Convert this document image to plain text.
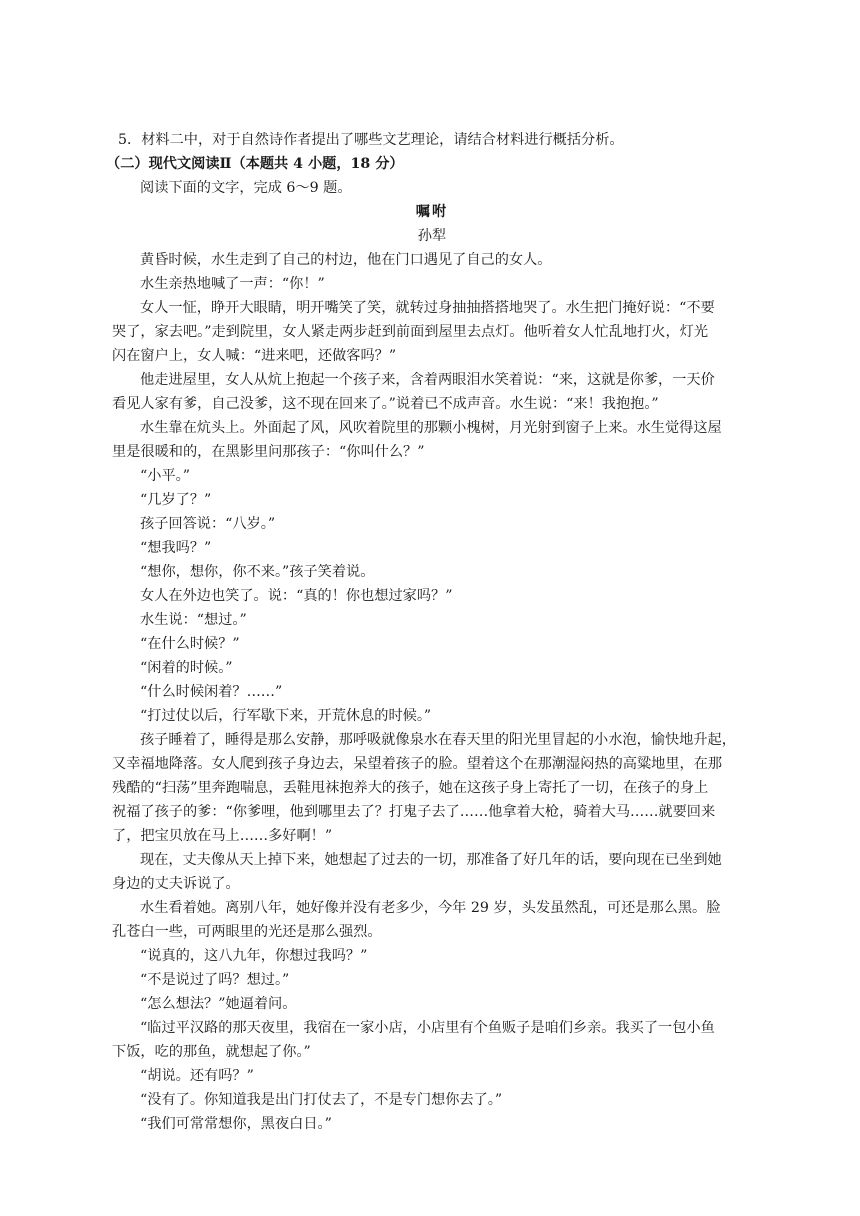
5．材料二中，对于自然诗作者提出了哪些文艺理论，请结合材料进行概括分析。
（二）现代文阅读Ⅱ（本题共 4 小题，18 分）
阅读下面的文字，完成 6～9 题。
嘱咐
孙犁
黄昏时候，水生走到了自己的村边，他在门口遇见了自己的女人。
水生亲热地喊了一声：“你！”
女人一怔，睁开大眼睛，明开嘴笑了笑，就转过身抽抽搭搭地哭了。水生把门掩好说：“不要
哭了，家去吧。”走到院里，女人紧走两步赶到前面到屋里去点灯。他听着女人忙乱地打火，灯光
闪在窗户上，女人喊：“进来吧，还做客吗？”
他走进屋里，女人从炕上抱起一个孩子来，含着两眼泪水笑着说：“来，这就是你爹，一天价
看见人家有爹，自己没爹，这不现在回来了。”说着已不成声音。水生说：“来！我抱抱。”
水生靠在炕头上。外面起了风，风吹着院里的那颗小槐树，月光射到窗子上来。水生觉得这屋
里是很暖和的，在黑影里问那孩子：“你叫什么？”
“小平。”
“几岁了？”
孩子回答说：“八岁。”
“想我吗？”
“想你，想你，你不来。”孩子笑着说。
女人在外边也笑了。说：“真的！你也想过家吗？”
水生说：“想过。”
“在什么时候？”
“闲着的时候。”
“什么时候闲着？……”
“打过仗以后，行军歇下来，开荒休息的时候。”
孩子睡着了，睡得是那么安静，那呼吸就像泉水在春天里的阳光里冒起的小水泡，愉快地升起，
又幸福地降落。女人爬到孩子身边去，呆望着孩子的脸。望着这个在那潮湿闷热的高粱地里，在那
残酷的“扫荡”里奔跑喘息，丢鞋甩袜抱养大的孩子，她在这孩子身上寄托了一切，在孩子的身上
祝福了孩子的爹：“你爹哩，他到哪里去了？打鬼子去了……他拿着大枪，骑着大马……就要回来
了，把宝贝放在马上……多好啊！”
现在，丈夫像从天上掉下来，她想起了过去的一切，那准备了好几年的话，要向现在已坐到她
身边的丈夫诉说了。
水生看着她。离别八年，她好像并没有老多少，今年 29 岁，头发虽然乱，可还是那么黑。脸
孔苍白一些，可两眼里的光还是那么强烈。
“说真的，这八九年，你想过我吗？”
“不是说过了吗？想过。”
“怎么想法？”她逼着问。
“临过平汉路的那天夜里，我宿在一家小店，小店里有个鱼贩子是咱们乡亲。我买了一包小鱼
下饭，吃的那鱼，就想起了你。”
“胡说。还有吗？”
“没有了。你知道我是出门打仗去了，不是专门想你去了。”
“我们可常常想你，黑夜白日。”
